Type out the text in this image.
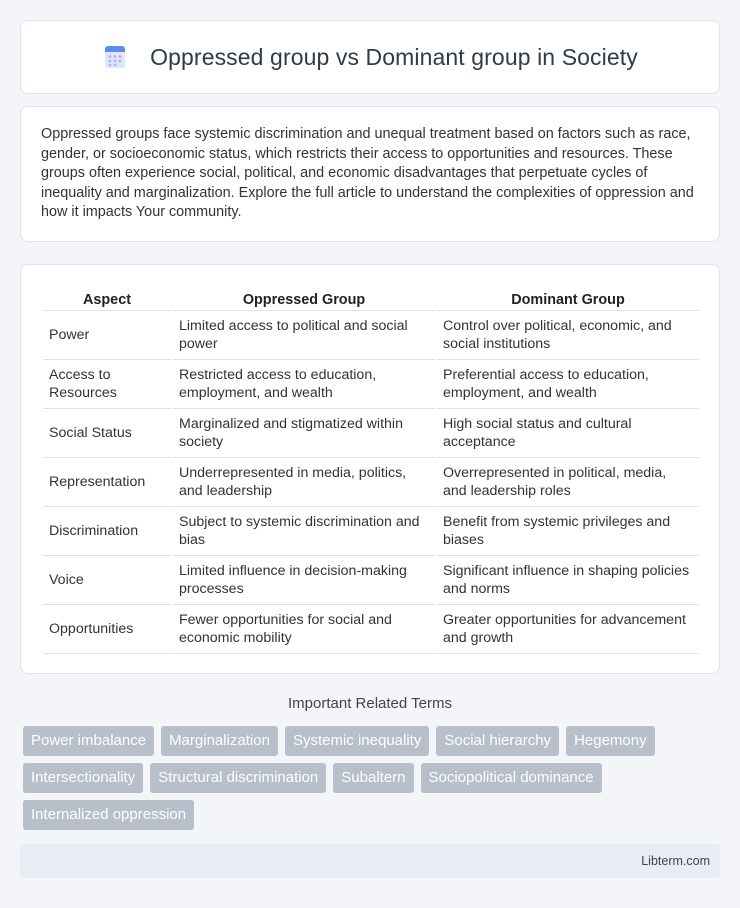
Oppressed group vs Dominant group in Society

Oppressed groups face systemic discrimination and unequal treatment based on factors such as race, gender, or socioeconomic status, which restricts their access to opportunities and resources. These groups often experience social, political, and economic disadvantages that perpetuate cycles of inequality and marginalization. Explore the full article to understand the complexities of oppression and how it impacts Your community.

Aspect	Oppressed Group	Dominant Group
Power	Limited access to political and social power	Control over political, economic, and social institutions
Access to Resources	Restricted access to education, employment, and wealth	Preferential access to education, employment, and wealth
Social Status	Marginalized and stigmatized within society	High social status and cultural acceptance
Representation	Underrepresented in media, politics, and leadership	Overrepresented in political, media, and leadership roles
Discrimination	Subject to systemic discrimination and bias	Benefit from systemic privileges and biases
Voice	Limited influence in decision-making processes	Significant influence in shaping policies and norms
Opportunities	Fewer opportunities for social and economic mobility	Greater opportunities for advancement and growth
Important Related Terms
Power imbalance	Marginalization	Systemic inequality	Social hierarchy	Hegemony
Intersectionality	Structural discrimination	Subaltern	Sociopolitical dominance
Internalized oppression
Libterm.com
